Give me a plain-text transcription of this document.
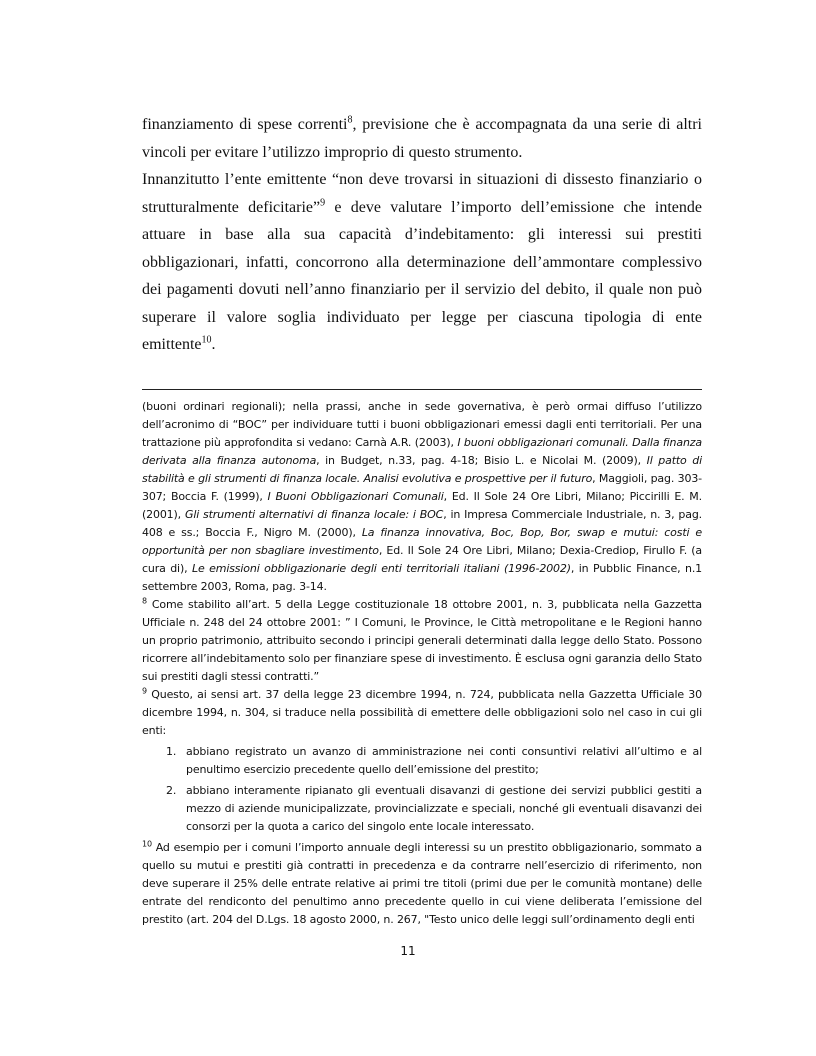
finanziamento di spese correnti$^8$, previsione che è accompagnata da una serie di altri vincoli per evitare l’utilizzo improprio di questo strumento.

Innanzitutto l’ente emittente “non deve trovarsi in situazioni di dissesto finanziario o strutturalmente deficitarie”$^9$ e deve valutare l’importo dell’emissione che intende attuare in base alla sua capacità d’indebitamento: gli interessi sui prestiti obbligazionari, infatti, concorrono alla determinazione dell’ammontare complessivo dei pagamenti dovuti nell’anno finanziario per il servizio del debito, il quale non può superare il valore soglia individuato per legge per ciascuna tipologia di ente emittente$^{10}$.

(buoni ordinari regionali); nella prassi, anche in sede governativa, è però ormai diffuso l’utilizzo dell’acronimo di “BOC” per individuare tutti i buoni obbligazionari emessi dagli enti territoriali. Per una trattazione più approfondita si vedano: Carnà A.R. (2003), I buoni obbligazionari comunali. Dalla finanza derivata alla finanza autonoma, in Budget, n.33, pag. 4-18; Bisio L. e Nicolai M. (2009), Il patto di stabilità e gli strumenti di finanza locale. Analisi evolutiva e prospettive per il futuro, Maggioli, pag. 303-307; Boccia F. (1999), I Buoni Obbligazionari Comunali, Ed. Il Sole 24 Ore Libri, Milano; Piccirilli E. M. (2001), Gli strumenti alternativi di finanza locale: i BOC, in Impresa Commerciale Industriale, n. 3, pag. 408 e ss.; Boccia F., Nigro M. (2000), La finanza innovativa, Boc, Bop, Bor, swap e mutui: costi e opportunità per non sbagliare investimento, Ed. Il Sole 24 Ore Libri, Milano; Dexia-Crediop, Firullo F. (a cura di), Le emissioni obbligazionarie degli enti territoriali italiani (1996-2002), in Pubblic Finance, n.1 settembre 2003, Roma, pag. 3-14.

$^8$ Come stabilito all’art. 5 della Legge costituzionale 18 ottobre 2001, n. 3, pubblicata nella Gazzetta Ufficiale n. 248 del 24 ottobre 2001: ” I Comuni, le Province, le Città metropolitane e le Regioni hanno un proprio patrimonio, attribuito secondo i principi generali determinati dalla legge dello Stato. Possono ricorrere all’indebitamento solo per finanziare spese di investimento. È esclusa ogni garanzia dello Stato sui prestiti dagli stessi contratti.”

$^9$ Questo, ai sensi art. 37 della legge 23 dicembre 1994, n. 724, pubblicata nella Gazzetta Ufficiale 30 dicembre 1994, n. 304, si traduce nella possibilità di emettere delle obbligazioni solo nel caso in cui gli enti:

1. abbiano registrato un avanzo di amministrazione nei conti consuntivi relativi all’ultimo e al penultimo esercizio precedente quello dell’emissione del prestito;
2. abbiano interamente ripianato gli eventuali disavanzi di gestione dei servizi pubblici gestiti a mezzo di aziende municipalizzate, provincializzate e speciali, nonché gli eventuali disavanzi dei consorzi per la quota a carico del singolo ente locale interessato.

$^{10}$ Ad esempio per i comuni l’importo annuale degli interessi su un prestito obbligazionario, sommato a quello su mutui e prestiti già contratti in precedenza e da contrarre nell’esercizio di riferimento, non deve superare il 25% delle entrate relative ai primi tre titoli (primi due per le comunità montane) delle entrate del rendiconto del penultimo anno precedente quello in cui viene deliberata l’emissione del prestito (art. 204 del D.Lgs. 18 agosto 2000, n. 267, "Testo unico delle leggi sull’ordinamento degli enti

11
